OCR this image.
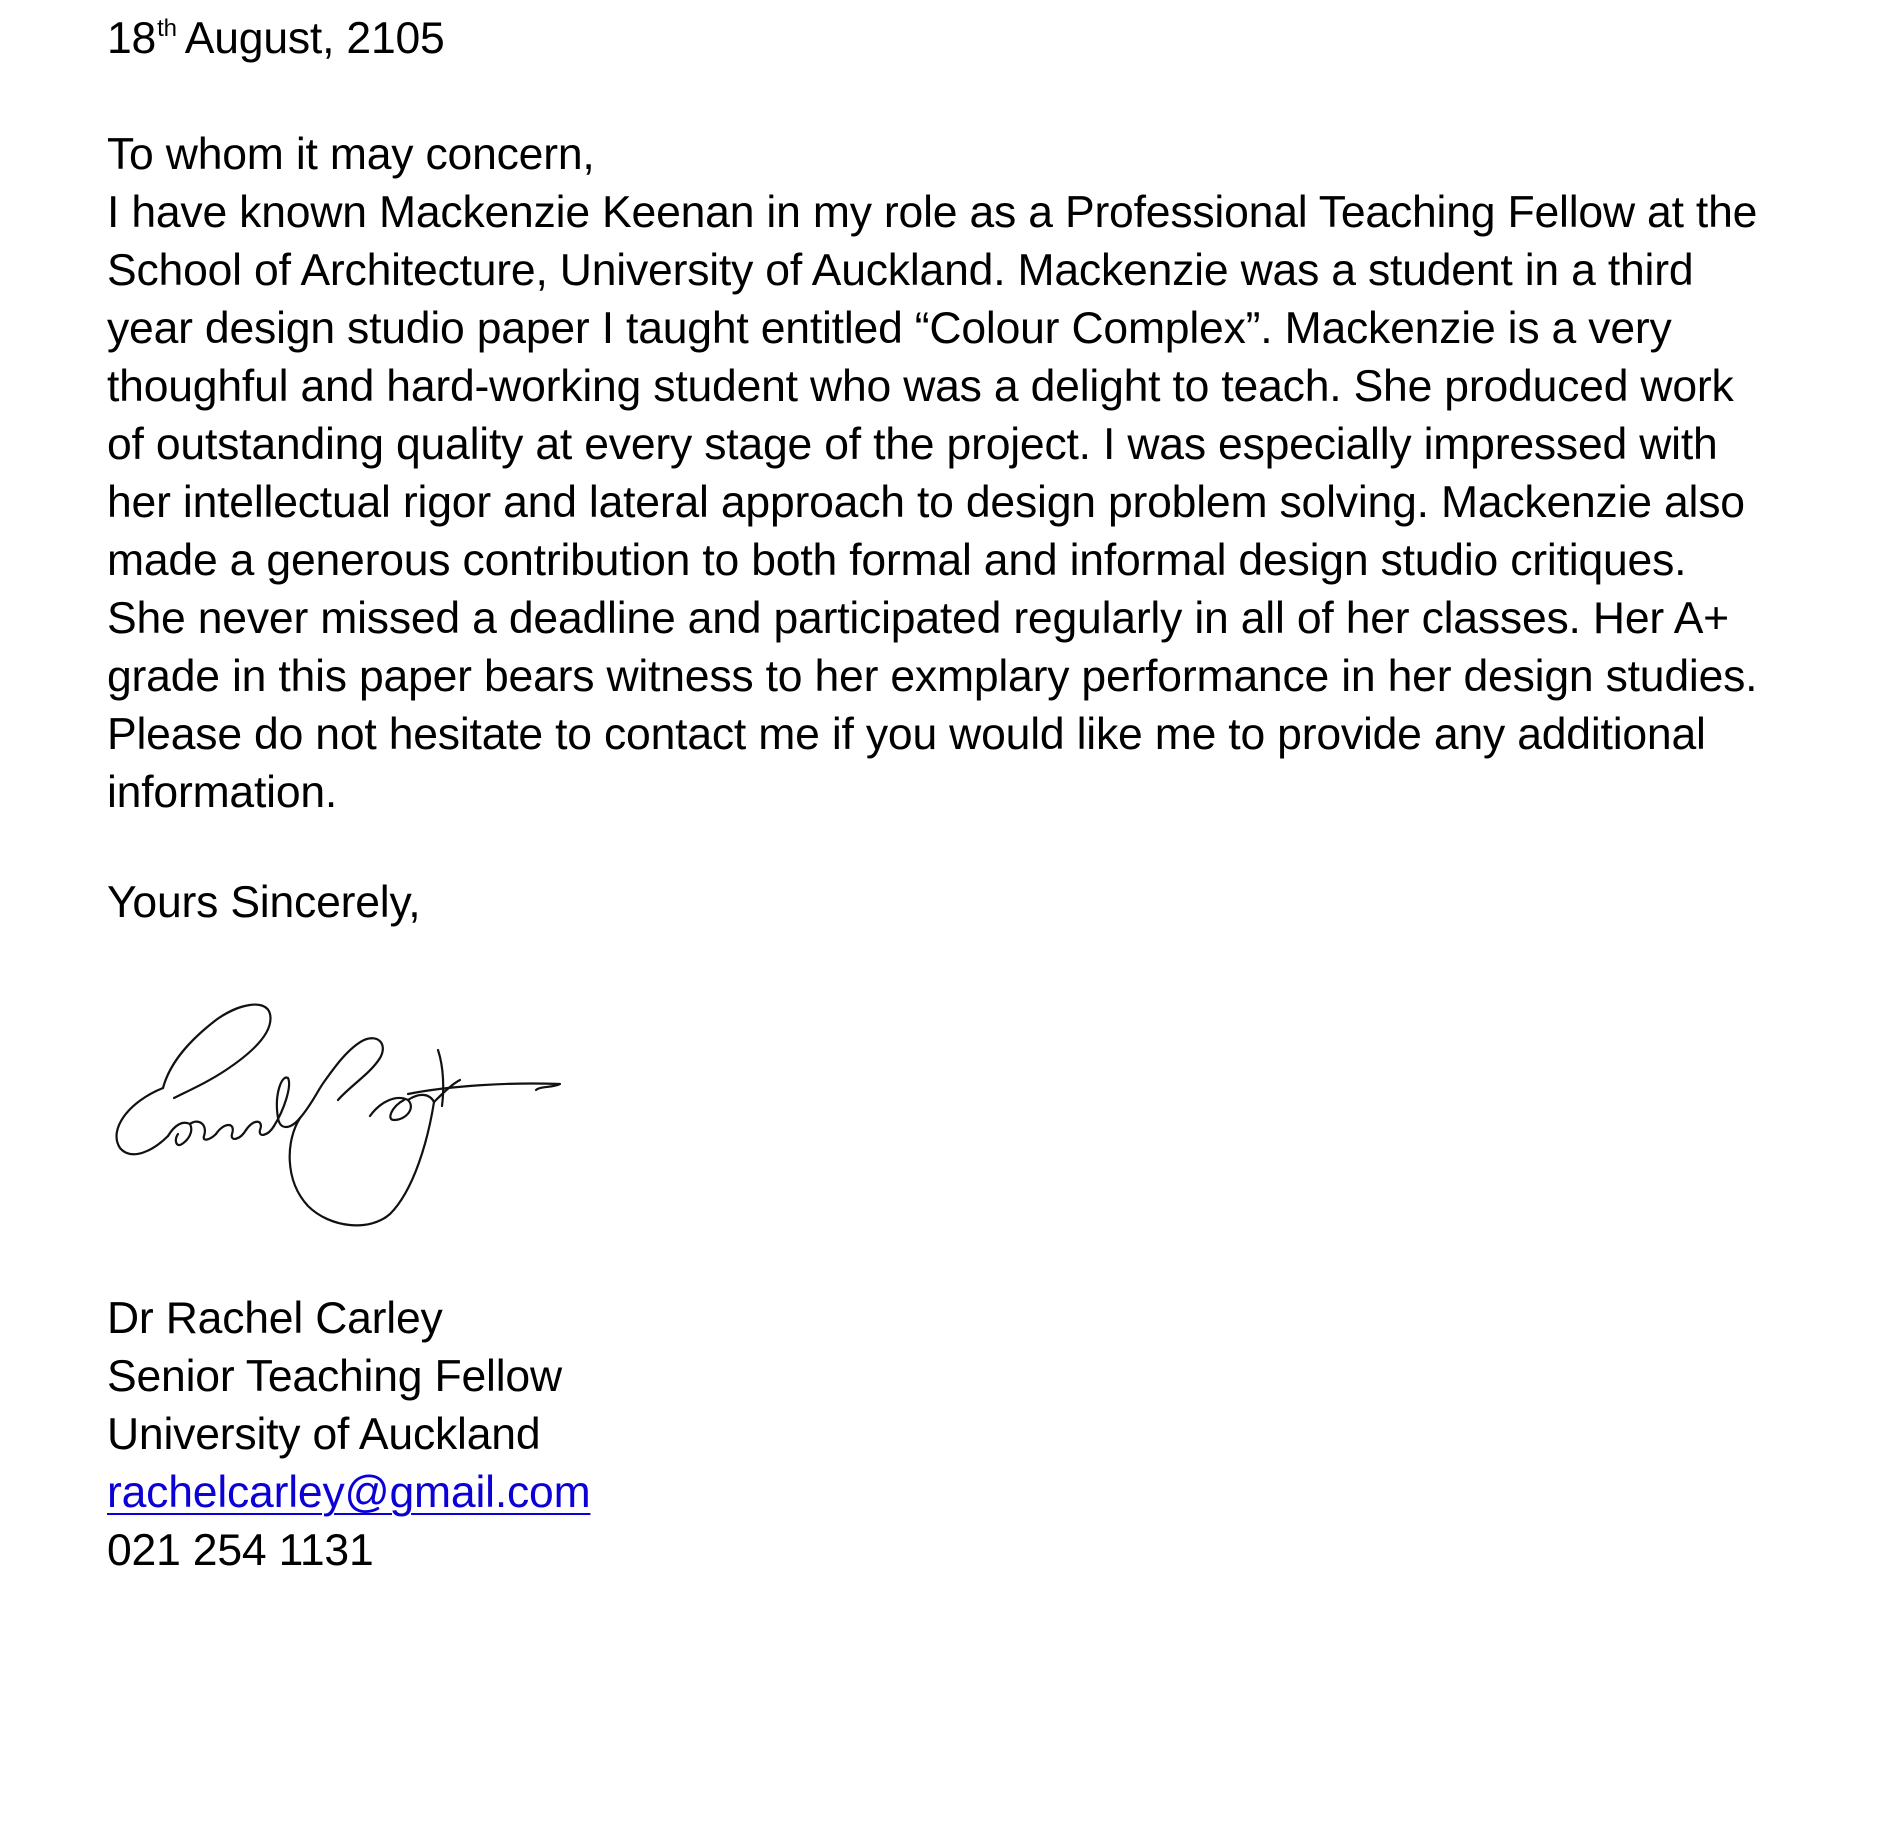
18th August, 2105
To whom it may concern,
I have known Mackenzie Keenan in my role as a Professional Teaching Fellow at the
School of Architecture, University of Auckland. Mackenzie was a student in a third
year design studio paper I taught entitled “Colour Complex”. Mackenzie is a very
thoughful and hard-working student who was a delight to teach. She produced work
of outstanding quality at every stage of the project. I was especially impressed with
her intellectual rigor and lateral approach to design problem solving. Mackenzie also
made a generous contribution to both formal and informal design studio critiques.
She never missed a deadline and participated regularly in all of her classes. Her A+
grade in this paper bears witness to her exmplary performance in her design studies.
Please do not hesitate to contact me if you would like me to provide any additional
information.
Yours Sincerely,
Dr Rachel Carley
Senior Teaching Fellow
University of Auckland
rachelcarley@gmail.com
021 254 1131
